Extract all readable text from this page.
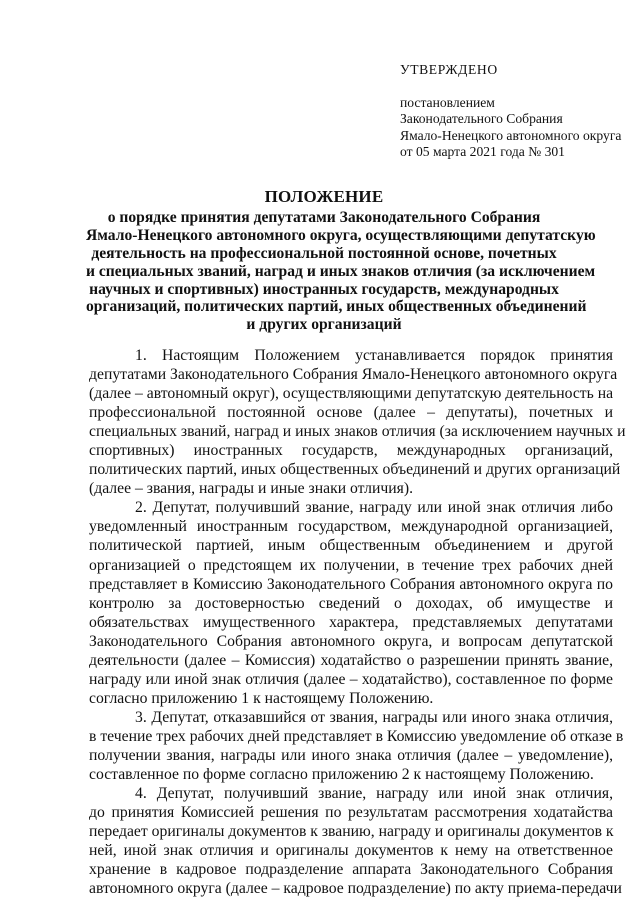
УТВЕРЖДЕНО
постановлением
Законодательного Собрания
Ямало-Ненецкого автономного округа
от 05 марта 2021 года № 301
ПОЛОЖЕНИЕ
о порядке принятия депутатами Законодательного Собрания
Ямало-Ненецкого автономного округа, осуществляющими депутатскую
деятельность на профессиональной постоянной основе, почетных
и специальных званий, наград и иных знаков отличия (за исключением
научных и спортивных) иностранных государств, международных
организаций, политических партий, иных общественных объединений
и других организаций
1. Настоящим Положением устанавливается порядок принятия
депутатами Законодательного Собрания Ямало-Ненецкого автономного округа
(далее – автономный округ), осуществляющими депутатскую деятельность на
профессиональной постоянной основе (далее – депутаты), почетных и
специальных званий, наград и иных знаков отличия (за исключением научных и
спортивных) иностранных государств, международных организаций,
политических партий, иных общественных объединений и других организаций
(далее – звания, награды и иные знаки отличия).
2. Депутат, получивший звание, награду или иной знак отличия либо
уведомленный иностранным государством, международной организацией,
политической партией, иным общественным объединением и другой
организацией о предстоящем их получении, в течение трех рабочих дней
представляет в Комиссию Законодательного Собрания автономного округа по
контролю за достоверностью сведений о доходах, об имуществе и
обязательствах имущественного характера, представляемых депутатами
Законодательного Собрания автономного округа, и вопросам депутатской
деятельности (далее – Комиссия) ходатайство о разрешении принять звание,
награду или иной знак отличия (далее – ходатайство), составленное по форме
согласно приложению 1 к настоящему Положению.
3. Депутат, отказавшийся от звания, награды или иного знака отличия,
в течение трех рабочих дней представляет в Комиссию уведомление об отказе в
получении звания, награды или иного знака отличия (далее – уведомление),
составленное по форме согласно приложению 2 к настоящему Положению.
4. Депутат, получивший звание, награду или иной знак отличия,
до принятия Комиссией решения по результатам рассмотрения ходатайства
передает оригиналы документов к званию, награду и оригиналы документов к
ней, иной знак отличия и оригиналы документов к нему на ответственное
хранение в кадровое подразделение аппарата Законодательного Собрания
автономного округа (далее – кадровое подразделение) по акту приема-передачи
